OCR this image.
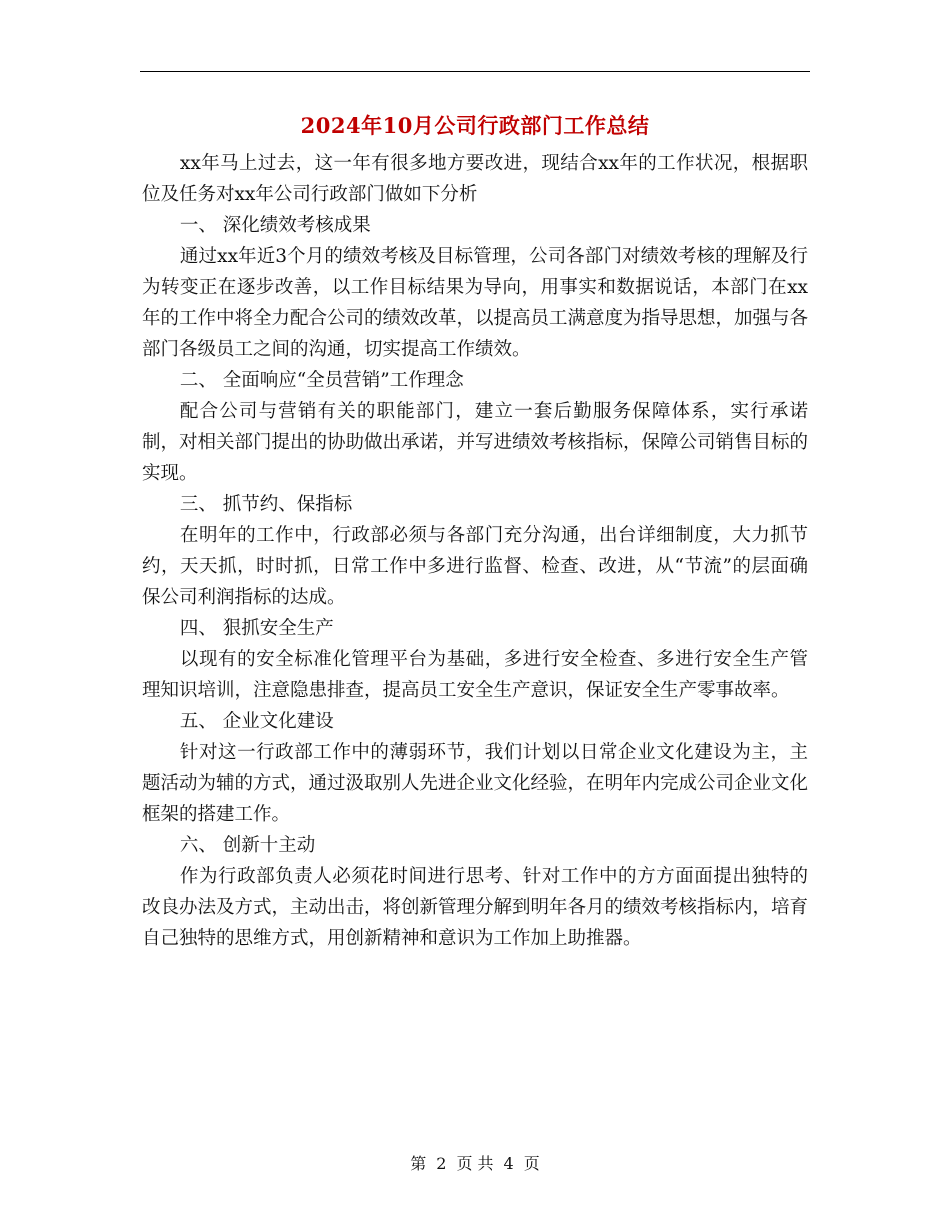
2024年10月公司行政部门工作总结

xx年马上过去，这一年有很多地方要改进，现结合xx年的工作状况，根据职位及任务对xx年公司行政部门做如下分析

一、 深化绩效考核成果

通过xx年近3个月的绩效考核及目标管理，公司各部门对绩效考核的理解及行为转变正在逐步改善，以工作目标结果为导向，用事实和数据说话，本部门在xx年的工作中将全力配合公司的绩效改革，以提高员工满意度为指导思想，加强与各部门各级员工之间的沟通，切实提高工作绩效。

二、 全面响应“全员营销”工作理念

配合公司与营销有关的职能部门，建立一套后勤服务保障体系，实行承诺制，对相关部门提出的协助做出承诺，并写进绩效考核指标，保障公司销售目标的实现。

三、 抓节约、保指标

在明年的工作中，行政部必须与各部门充分沟通，出台详细制度，大力抓节约，天天抓，时时抓，日常工作中多进行监督、检查、改进，从“节流”的层面确保公司利润指标的达成。

四、 狠抓安全生产

以现有的安全标准化管理平台为基础，多进行安全检查、多进行安全生产管理知识培训，注意隐患排查，提高员工安全生产意识，保证安全生产零事故率。

五、 企业文化建设

针对这一行政部工作中的薄弱环节，我们计划以日常企业文化建设为主，主题活动为辅的方式，通过汲取别人先进企业文化经验，在明年内完成公司企业文化框架的搭建工作。

六、 创新十主动

作为行政部负责人必须花时间进行思考、针对工作中的方方面面提出独特的改良办法及方式，主动出击，将创新管理分解到明年各月的绩效考核指标内，培育自己独特的思维方式，用创新精神和意识为工作加上助推器。

第 2 页 共 4 页
